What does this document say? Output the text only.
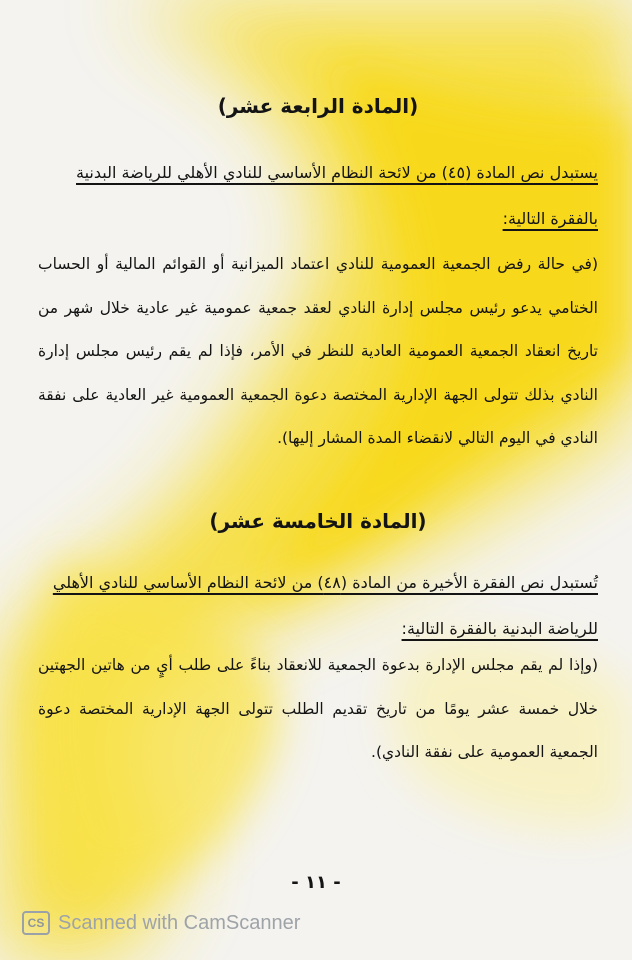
(المادة الرابعة عشر)

يستبدل نص المادة (٤٥) من لائحة النظام الأساسي للنادي الأهلي للرياضة البدنية بالفقرة التالية:

(في حالة رفض الجمعية العمومية للنادي اعتماد الميزانية أو القوائم المالية أو الحساب الختامي يدعو رئيس مجلس إدارة النادي لعقد جمعية عمومية غير عادية خلال شهر من تاريخ انعقاد الجمعية العمومية العادية للنظر في الأمر، فإذا لم يقم رئيس مجلس إدارة النادي بذلك تتولى الجهة الإدارية المختصة دعوة الجمعية العمومية غير العادية على نفقة النادي في اليوم التالي لانقضاء المدة المشار إليها).

(المادة الخامسة عشر)

تُستبدل نص الفقرة الأخيرة من المادة (٤٨) من لائحة النظام الأساسي للنادي الأهلي للرياضة البدنية بالفقرة التالية:

(وإذا لم يقم مجلس الإدارة بدعوة الجمعية للانعقاد بناءً على طلب أيٍ من هاتين الجهتين خلال خمسة عشر يومًا من تاريخ تقديم الطلب تتولى الجهة الإدارية المختصة دعوة الجمعية العمومية على نفقة النادي).

- ١١ -

CS Scanned with CamScanner
